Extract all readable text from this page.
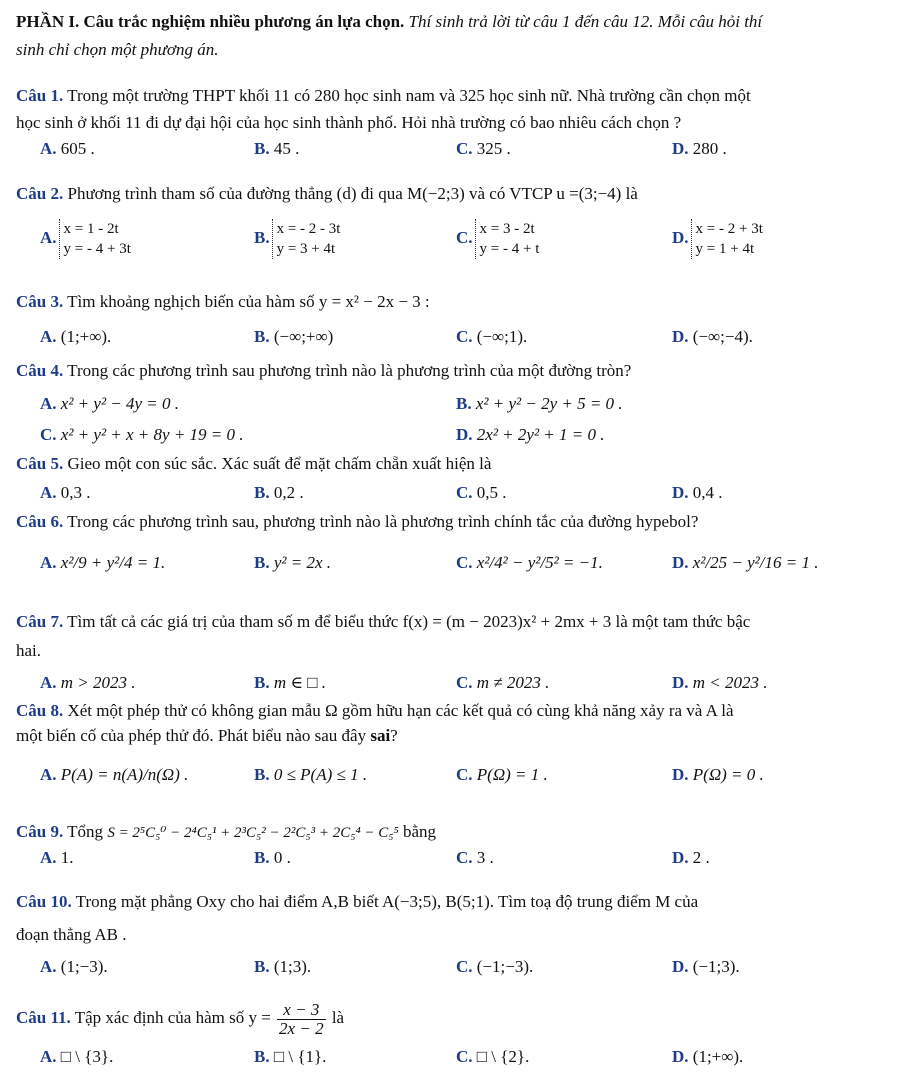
PHẦN I. Câu trắc nghiệm nhiều phương án lựa chọn. Thí sinh trả lời từ câu 1 đến câu 12. Mỗi câu hỏi thí
sinh chỉ chọn một phương án.
Câu 1. Trong một trường THPT khối 11 có 280 học sinh nam và 325 học sinh nữ. Nhà trường cần chọn một
học sinh ở khối 11 đi dự đại hội của học sinh thành phố. Hỏi nhà trường có bao nhiêu cách chọn ?
A. 605 .	B. 45 .	C. 325 .	D. 280 .
Câu 2. Phương trình tham số của đường thẳng (d) đi qua M(−2;3) và có VTCP u =(3;−4) là
A. x = 1 - 2t
y = - 4 + 3t
B. x = - 2 - 3t
y = 3 + 4t
C. x = 3 - 2t
y = - 4 + t
D. x = - 2 + 3t
y = 1 + 4t
Câu 3. Tìm khoảng nghịch biến của hàm số y = x² − 2x − 3 :
A. (1;+∞).	B. (−∞;+∞)	C. (−∞;1).	D. (−∞;−4).
Câu 4. Trong các phương trình sau phương trình nào là phương trình của một đường tròn?
A. x² + y² − 4y = 0 .	B. x² + y² − 2y + 5 = 0 .
C. x² + y² + x + 8y + 19 = 0 .	D. 2x² + 2y² + 1 = 0 .
Câu 5. Gieo một con súc sắc. Xác suất để mặt chấm chẵn xuất hiện là
A. 0,3 .	B. 0,2 .	C. 0,5 .	D. 0,4 .
Câu 6. Trong các phương trình sau, phương trình nào là phương trình chính tắc của đường hypebol?
A. x²/9 + y²/4 = 1.	B. y² = 2x .	C. x²/4² − y²/5² = −1.	D. x²/25 − y²/16 = 1 .
Câu 7. Tìm tất cả các giá trị của tham số m để biểu thức f(x) = (m − 2023)x² + 2mx + 3 là một tam thức bậc
hai.
A. m > 2023 .	B. m ∈ □ .	C. m ≠ 2023 .	D. m < 2023 .
Câu 8. Xét một phép thử có không gian mẫu Ω gồm hữu hạn các kết quả có cùng khả năng xảy ra và A là
một biến cố của phép thử đó. Phát biểu nào sau đây sai?
A. P(A) = n(A)/n(Ω) .	B. 0 ≤ P(A) ≤ 1 .	C. P(Ω) = 1 .	D. P(Ω) = 0 .
Câu 9. Tổng S = 2⁵C₅⁰ − 2⁴C₅¹ + 2³C₅² − 2²C₅³ + 2C₅⁴ − C₅⁵ bằng
A. 1.	B. 0 .	C. 3 .	D. 2 .
Câu 10. Trong mặt phẳng Oxy cho hai điểm A,B biết A(−3;5), B(5;1). Tìm toạ độ trung điểm M của
đoạn thẳng AB .
A. (1;−3).	B. (1;3).	C. (−1;−3).	D. (−1;3).
Câu 11. Tập xác định của hàm số $y = \frac{x - 3}{2x - 2}$ là
A. □ \ {3}.	B. □ \ {1}.	C. □ \ {2}.	D. (1;+∞).
